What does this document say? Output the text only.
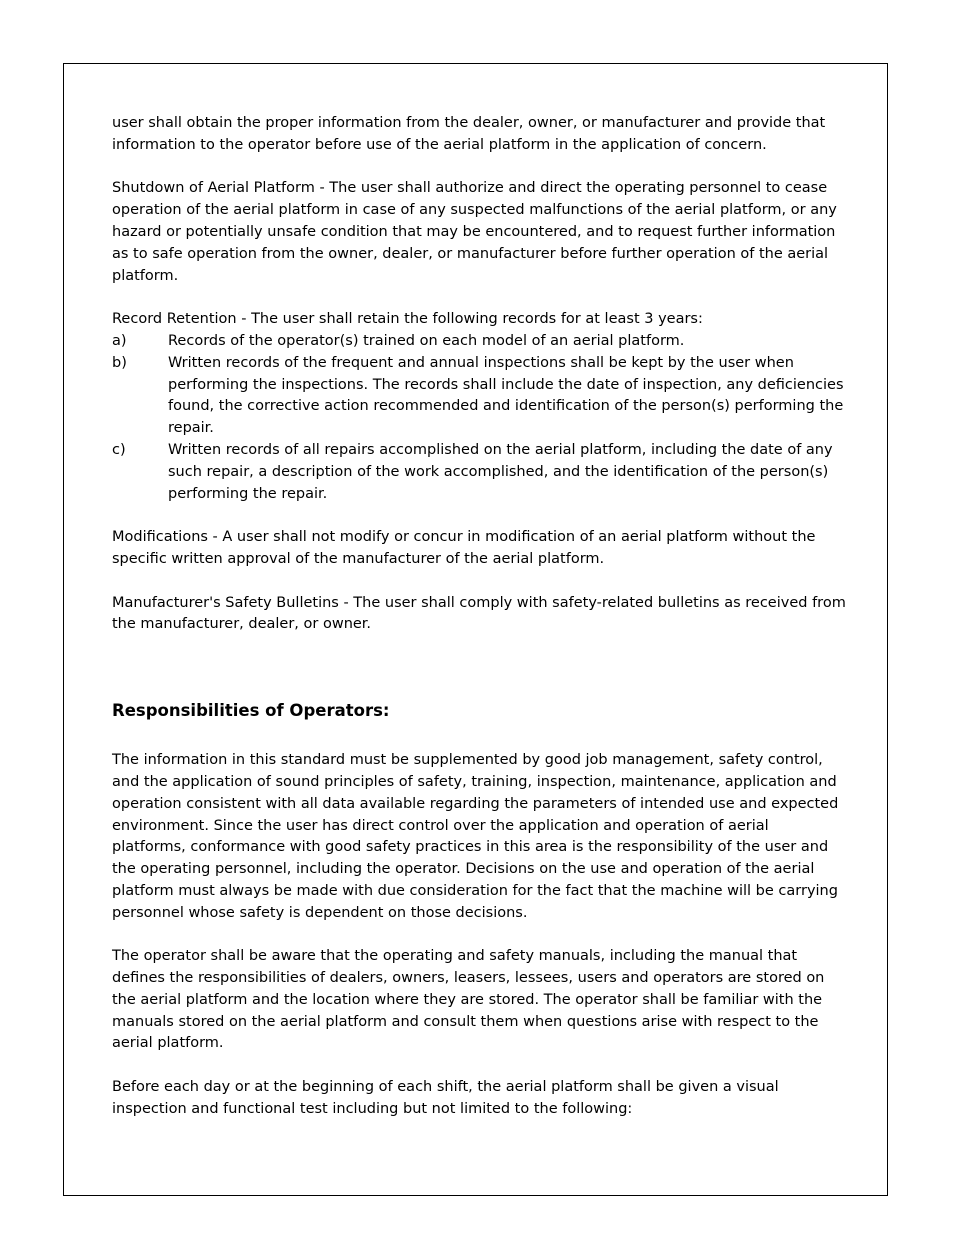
user shall obtain the proper information from the dealer, owner, or manufacturer and provide that information to the operator before use of the aerial platform in the application of concern.

Shutdown of Aerial Platform - The user shall authorize and direct the operating personnel to cease operation of the aerial platform in case of any suspected malfunctions of the aerial platform, or any hazard or potentially unsafe condition that may be encountered, and to request further information as to safe operation from the owner, dealer, or manufacturer before further operation of the aerial platform.

Record Retention - The user shall retain the following records for at least 3 years:

a)	Records of the operator(s) trained on each model of an aerial platform.
b)	Written records of the frequent and annual inspections shall be kept by the user when performing the inspections. The records shall include the date of inspection, any deficiencies found, the corrective action recommended and identification of the person(s) performing the repair.
c)	Written records of all repairs accomplished on the aerial platform, including the date of any such repair, a description of the work accomplished, and the identification of the person(s) performing the repair.

Modifications - A user shall not modify or concur in modification of an aerial platform without the specific written approval of the manufacturer of the aerial platform.

Manufacturer's Safety Bulletins - The user shall comply with safety-related bulletins as received from the manufacturer, dealer, or owner.

Responsibilities of Operators:

The information in this standard must be supplemented by good job management, safety control, and the application of sound principles of safety, training, inspection, maintenance, application and operation consistent with all data available regarding the parameters of intended use and expected environment. Since the user has direct control over the application and operation of aerial platforms, conformance with good safety practices in this area is the responsibility of the user and the operating personnel, including the operator. Decisions on the use and operation of the aerial platform must always be made with due consideration for the fact that the machine will be carrying personnel whose safety is dependent on those decisions.

The operator shall be aware that the operating and safety manuals, including the manual that defines the responsibilities of dealers, owners, leasers, lessees, users and operators are stored on the aerial platform and the location where they are stored. The operator shall be familiar with the manuals stored on the aerial platform and consult them when questions arise with respect to the aerial platform.

Before each day or at the beginning of each shift, the aerial platform shall be given a visual inspection and functional test including but not limited to the following:
